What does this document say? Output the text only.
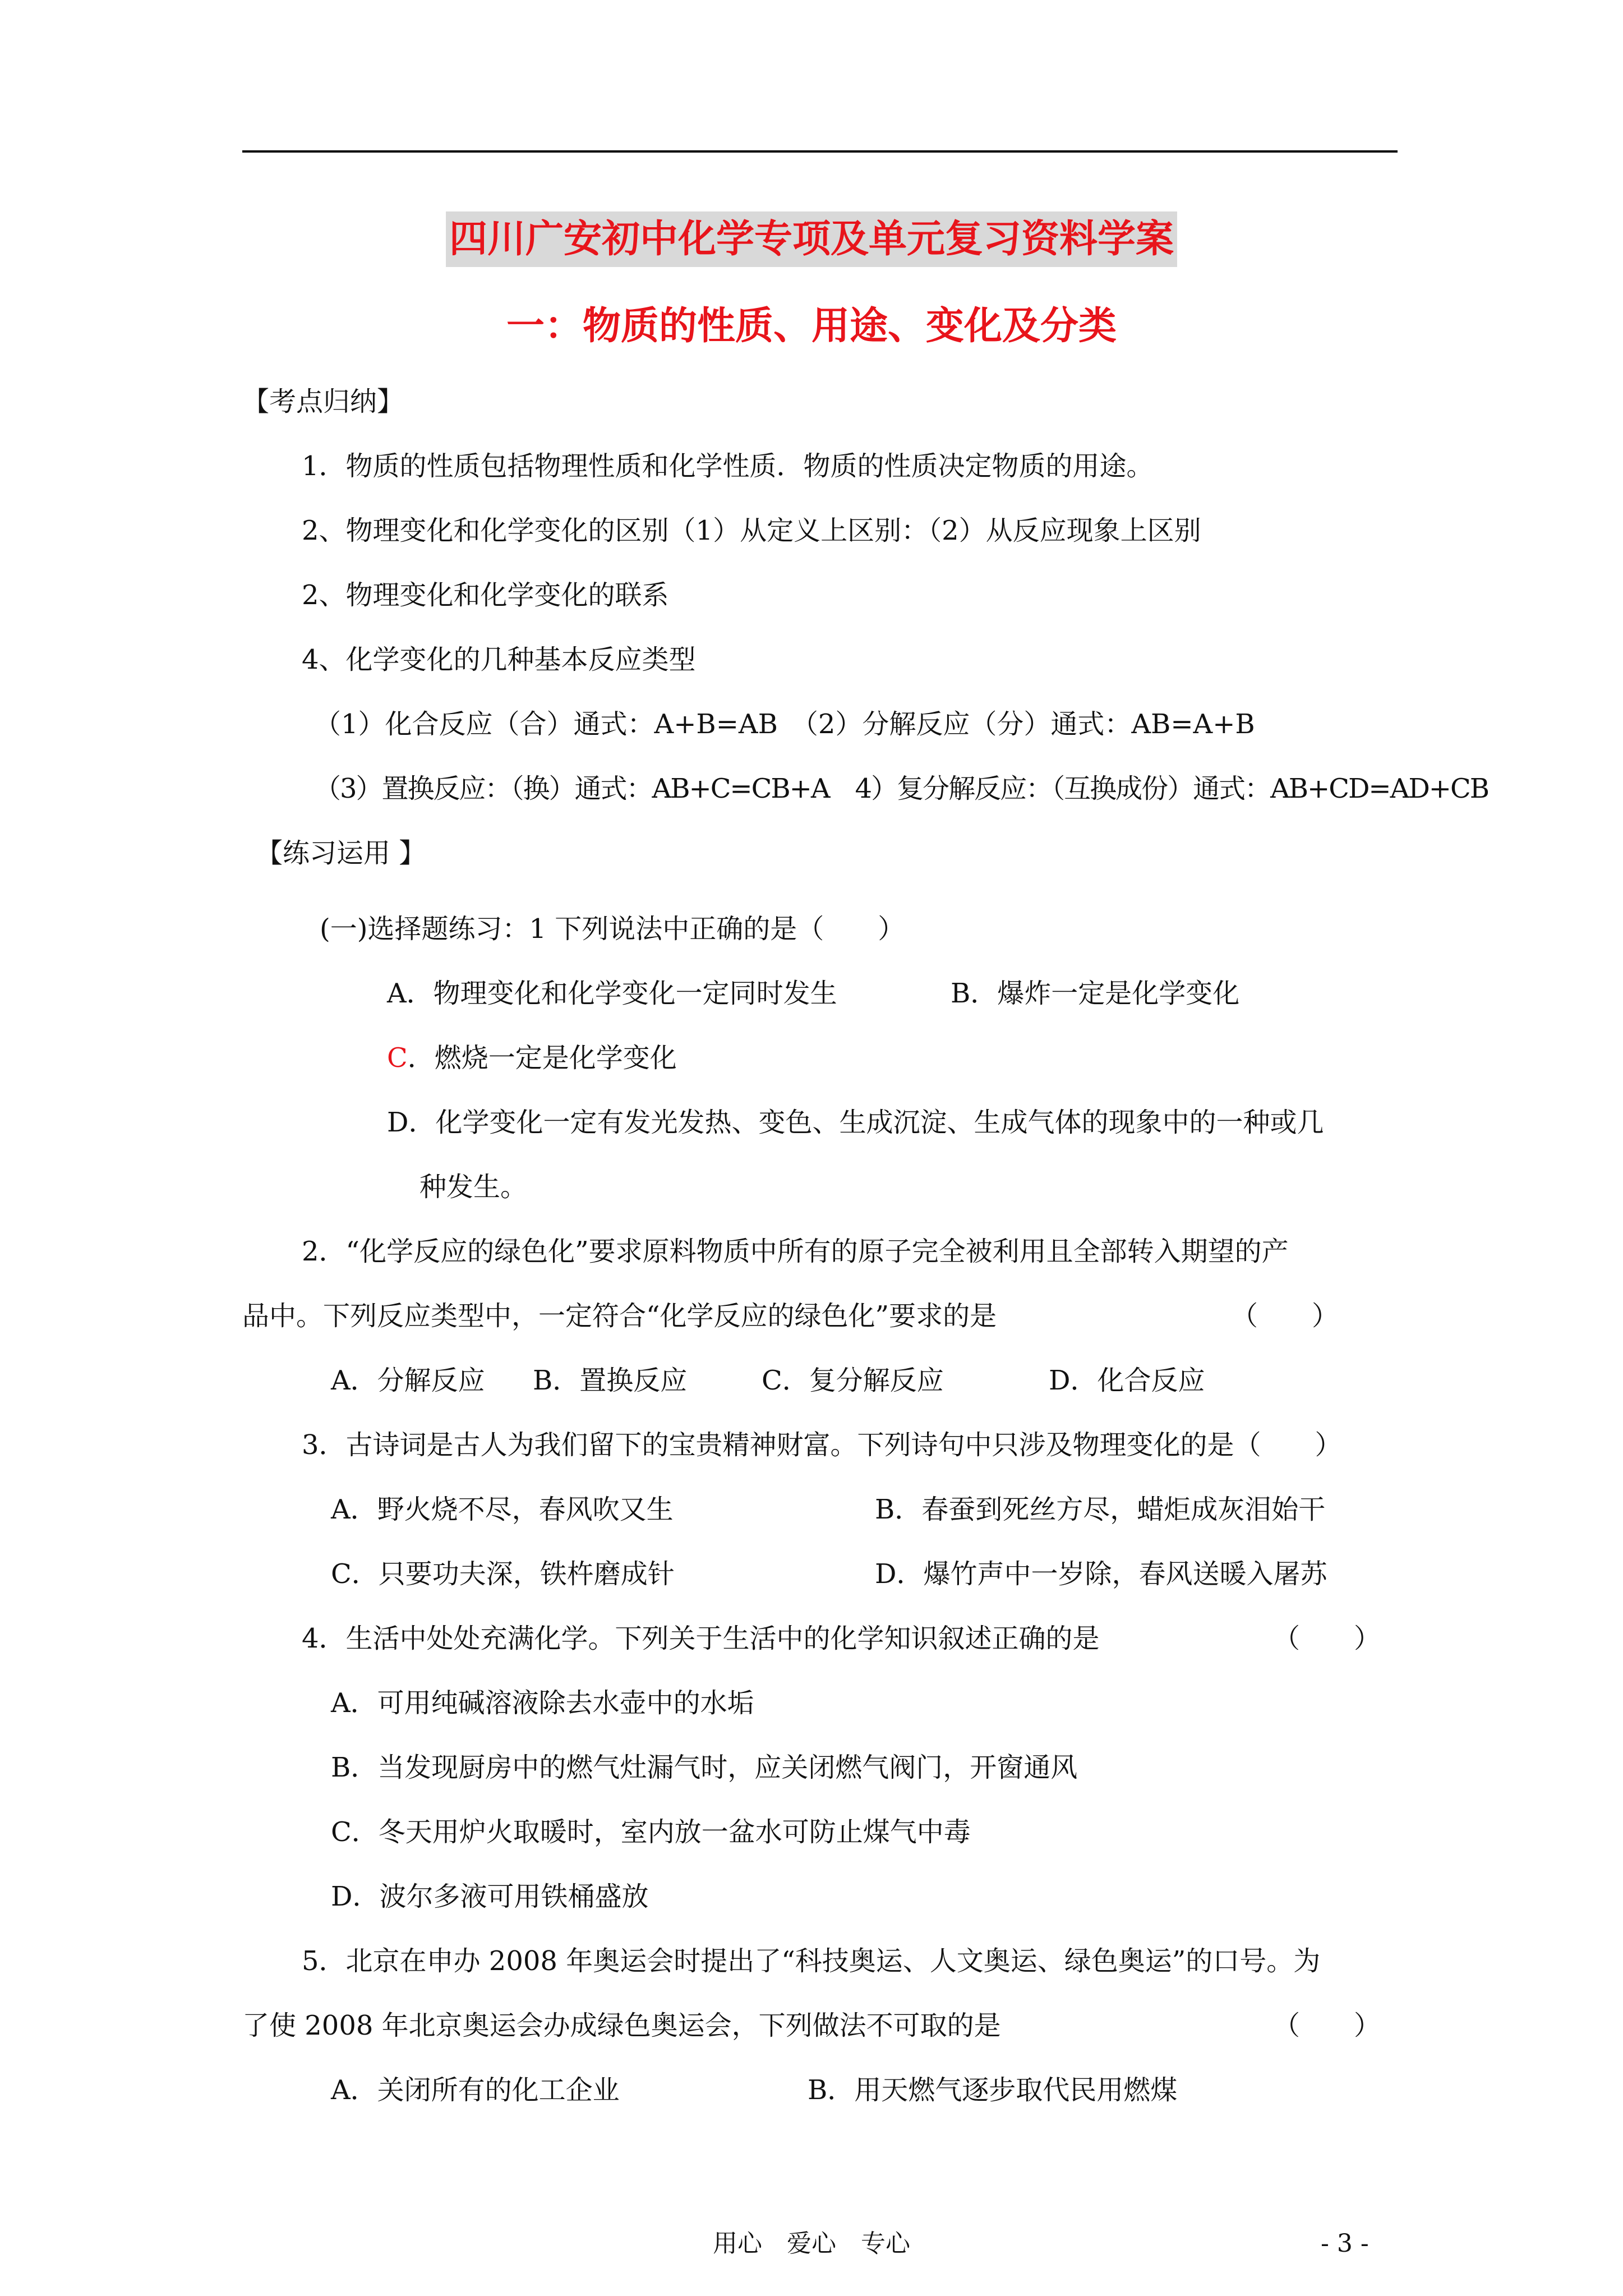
四川广安初中化学专项及单元复习资料学案
一：物质的性质、用途、变化及分类
【考点归纳】
1．物质的性质包括物理性质和化学性质．物质的性质决定物质的用途。
2、物理变化和化学变化的区别（1）从定义上区别：（2）从反应现象上区别
2、物理变化和化学变化的联系
4、化学变化的几种基本反应类型
（1）化合反应（合）通式：A+B=AB　（2）分解反应（分）通式：AB=A+B
（3）置换反应：（换）通式：AB+C=CB+A　4）复分解反应：（互换成份）通式：AB+CD=AD+CB
【练习运用 】
(一)选择题练习：1 下列说法中正确的是（　　）
A．物理变化和化学变化一定同时发生	B．爆炸一定是化学变化
C．燃烧一定是化学变化
D．化学变化一定有发光发热、变色、生成沉淀、生成气体的现象中的一种或几
种发生。
2．“化学反应的绿色化”要求原料物质中所有的原子完全被利用且全部转入期望的产
品中。下列反应类型中，一定符合“化学反应的绿色化”要求的是	（　　）
A．分解反应 B．置换反应	C．复分解反应	D．化合反应
3．古诗词是古人为我们留下的宝贵精神财富。下列诗句中只涉及物理变化的是（　　）
A．野火烧不尽，春风吹又生	B．春蚕到死丝方尽，蜡炬成灰泪始干
C．只要功夫深，铁杵磨成针	D．爆竹声中一岁除，春风送暖入屠苏
4．生活中处处充满化学。下列关于生活中的化学知识叙述正确的是	（　　）
A．可用纯碱溶液除去水壶中的水垢
B．当发现厨房中的燃气灶漏气时，应关闭燃气阀门，开窗通风
C．冬天用炉火取暖时，室内放一盆水可防止煤气中毒
D．波尔多液可用铁桶盛放
5．北京在申办 2008 年奥运会时提出了“科技奥运、人文奥运、绿色奥运”的口号。为
了使 2008 年北京奥运会办成绿色奥运会，下列做法不可取的是	（　　）
A．关闭所有的化工企业	B．用天燃气逐步取代民用燃煤
用心　爱心　专心	- 3 -
